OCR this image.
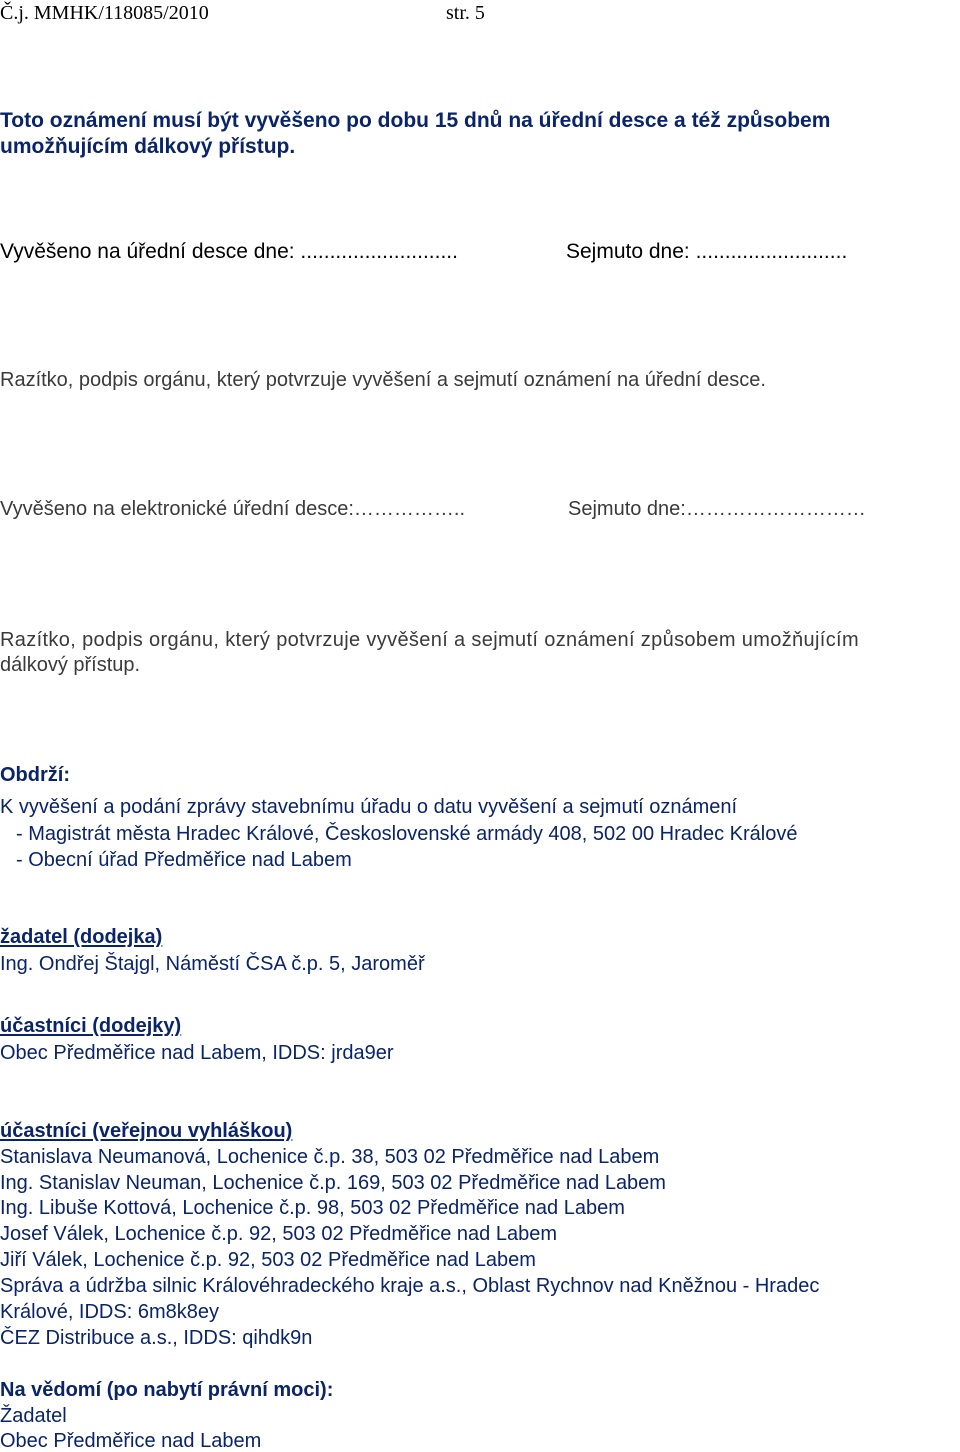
Č.j. MMHK/118085/2010	str. 5
Toto oznámení musí být vyvěšeno po dobu 15 dnů na úřední desce a též způsobem
umožňujícím dálkový přístup.
Vyvěšeno na úřední desce dne: ...........................	Sejmuto dne: ..........................
Razítko, podpis orgánu, který potvrzuje vyvěšení a sejmutí oznámení na úřední desce.
Vyvěšeno na elektronické úřední desce:……………..	Sejmuto dne:………………………
Razítko, podpis orgánu, který potvrzuje vyvěšení a sejmutí oznámení způsobem umožňujícím
dálkový přístup.
Obdrží:
K vyvěšení a podání zprávy stavebnímu úřadu o datu vyvěšení a sejmutí oznámení
- Magistrát města Hradec Králové, Československé armády 408, 502 00 Hradec Králové
- Obecní úřad Předměřice nad Labem
žadatel (dodejka)
Ing. Ondřej Štajgl, Náměstí ČSA č.p. 5, Jaroměř
účastníci (dodejky)
Obec Předměřice nad Labem, IDDS: jrda9er
účastníci (veřejnou vyhláškou)
Stanislava Neumanová, Lochenice č.p. 38, 503 02 Předměřice nad Labem
Ing. Stanislav Neuman, Lochenice č.p. 169, 503 02 Předměřice nad Labem
Ing. Libuše Kottová, Lochenice č.p. 98, 503 02 Předměřice nad Labem
Josef Válek, Lochenice č.p. 92, 503 02 Předměřice nad Labem
Jiří Válek, Lochenice č.p. 92, 503 02 Předměřice nad Labem
Správa a údržba silnic Královéhradeckého kraje a.s., Oblast Rychnov nad Kněžnou - Hradec
Králové, IDDS: 6m8k8ey
ČEZ Distribuce a.s., IDDS: qihdk9n
Na vědomí (po nabytí právní moci):
Žadatel
Obec Předměřice nad Labem
